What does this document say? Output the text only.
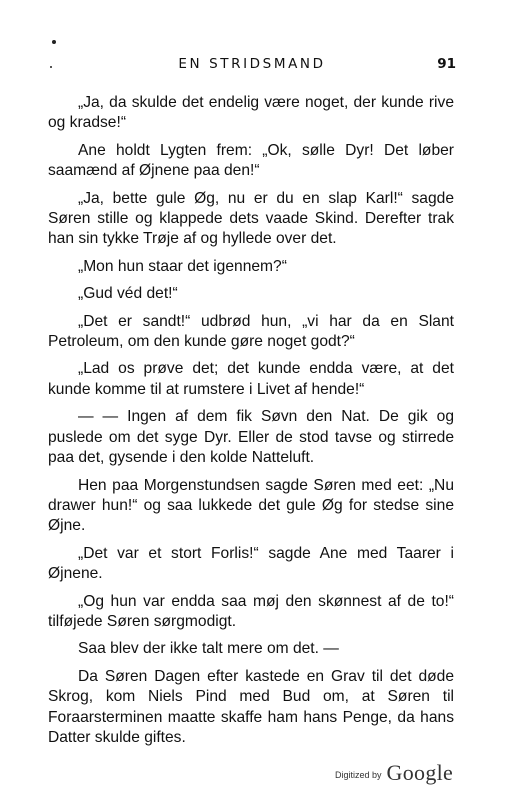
EN STRIDSMAND	91

„Ja, da skulde det endelig være noget, der kunde rive og kradse!“

Ane holdt Lygten frem: „Ok, sølle Dyr! Det løber saamænd af Øjnene paa den!“

„Ja, bette gule Øg, nu er du en slap Karl!“ sagde Søren stille og klappede dets vaade Skind. Derefter trak han sin tykke Trøje af og hyllede over det.

„Mon hun staar det igennem?“

„Gud véd det!“

„Det er sandt!“ udbrød hun, „vi har da en Slant Petroleum, om den kunde gøre noget godt?“

„Lad os prøve det; det kunde endda være, at det kunde komme til at rumstere i Livet af hende!“

— — Ingen af dem fik Søvn den Nat. De gik og puslede om det syge Dyr. Eller de stod tavse og stirrede paa det, gysende i den kolde Natteluft.

Hen paa Morgenstundsen sagde Søren med eet: „Nu drawer hun!“ og saa lukkede det gule Øg for stedse sine Øjne.

„Det var et stort Forlis!“ sagde Ane med Taarer i Øjnene.

„Og hun var endda saa møj den skønnest af de to!“ tilføjede Søren sørgmodigt.

Saa blev der ikke talt mere om det. —

Da Søren Dagen efter kastede en Grav til det døde Skrog, kom Niels Pind med Bud om, at Søren til Foraarsterminen maatte skaffe ham hans Penge, da hans Datter skulde giftes.

Digitized by Google
